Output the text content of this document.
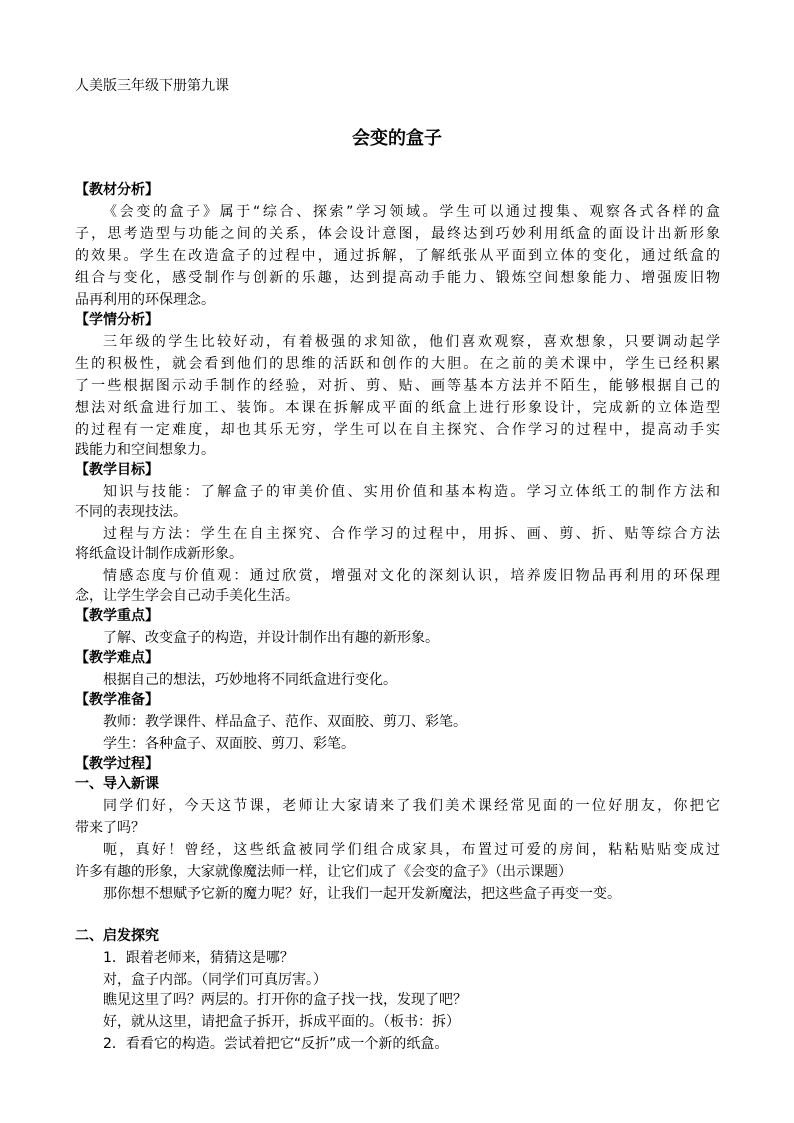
人美版三年级下册第九课
会变的盒子
【教材分析】
《会变的盒子》属于“综合、探索”学习领域。学生可以通过搜集、观察各式各样的盒
子，思考造型与功能之间的关系，体会设计意图，最终达到巧妙利用纸盒的面设计出新形象
的效果。学生在改造盒子的过程中，通过拆解，了解纸张从平面到立体的变化，通过纸盒的
组合与变化，感受制作与创新的乐趣，达到提高动手能力、锻炼空间想象能力、增强废旧物
品再利用的环保理念。
【学情分析】
三年级的学生比较好动，有着极强的求知欲，他们喜欢观察，喜欢想象，只要调动起学
生的积极性，就会看到他们的思维的活跃和创作的大胆。在之前的美术课中，学生已经积累
了一些根据图示动手制作的经验，对折、剪、贴、画等基本方法并不陌生，能够根据自己的
想法对纸盒进行加工、装饰。本课在拆解成平面的纸盒上进行形象设计，完成新的立体造型
的过程有一定难度，却也其乐无穷，学生可以在自主探究、合作学习的过程中，提高动手实
践能力和空间想象力。
【教学目标】
知识与技能：了解盒子的审美价值、实用价值和基本构造。学习立体纸工的制作方法和
不同的表现技法。
过程与方法：学生在自主探究、合作学习的过程中，用拆、画、剪、折、贴等综合方法
将纸盒设计制作成新形象。
情感态度与价值观：通过欣赏，增强对文化的深刻认识，培养废旧物品再利用的环保理
念，让学生学会自己动手美化生活。
【教学重点】
了解、改变盒子的构造，并设计制作出有趣的新形象。
【教学难点】
根据自己的想法，巧妙地将不同纸盒进行变化。
【教学准备】
教师：教学课件、样品盒子、范作、双面胶、剪刀、彩笔。
学生：各种盒子、双面胶、剪刀、彩笔。
【教学过程】
一、导入新课
同学们好，今天这节课，老师让大家请来了我们美术课经常见面的一位好朋友，你把它
带来了吗？
呃，真好！曾经，这些纸盒被同学们组合成家具，布置过可爱的房间，粘粘贴贴变成过
许多有趣的形象，大家就像魔法师一样，让它们成了《会变的盒子》（出示课题）
那你想不想赋予它新的魔力呢？好，让我们一起开发新魔法，把这些盒子再变一变。
二、启发探究
1．跟着老师来，猜猜这是哪？
对，盒子内部。（同学们可真厉害。）
瞧见这里了吗？两层的。打开你的盒子找一找，发现了吧？
好，就从这里，请把盒子拆开，拆成平面的。（板书：拆）
2．看看它的构造。尝试着把它“反折”成一个新的纸盒。
